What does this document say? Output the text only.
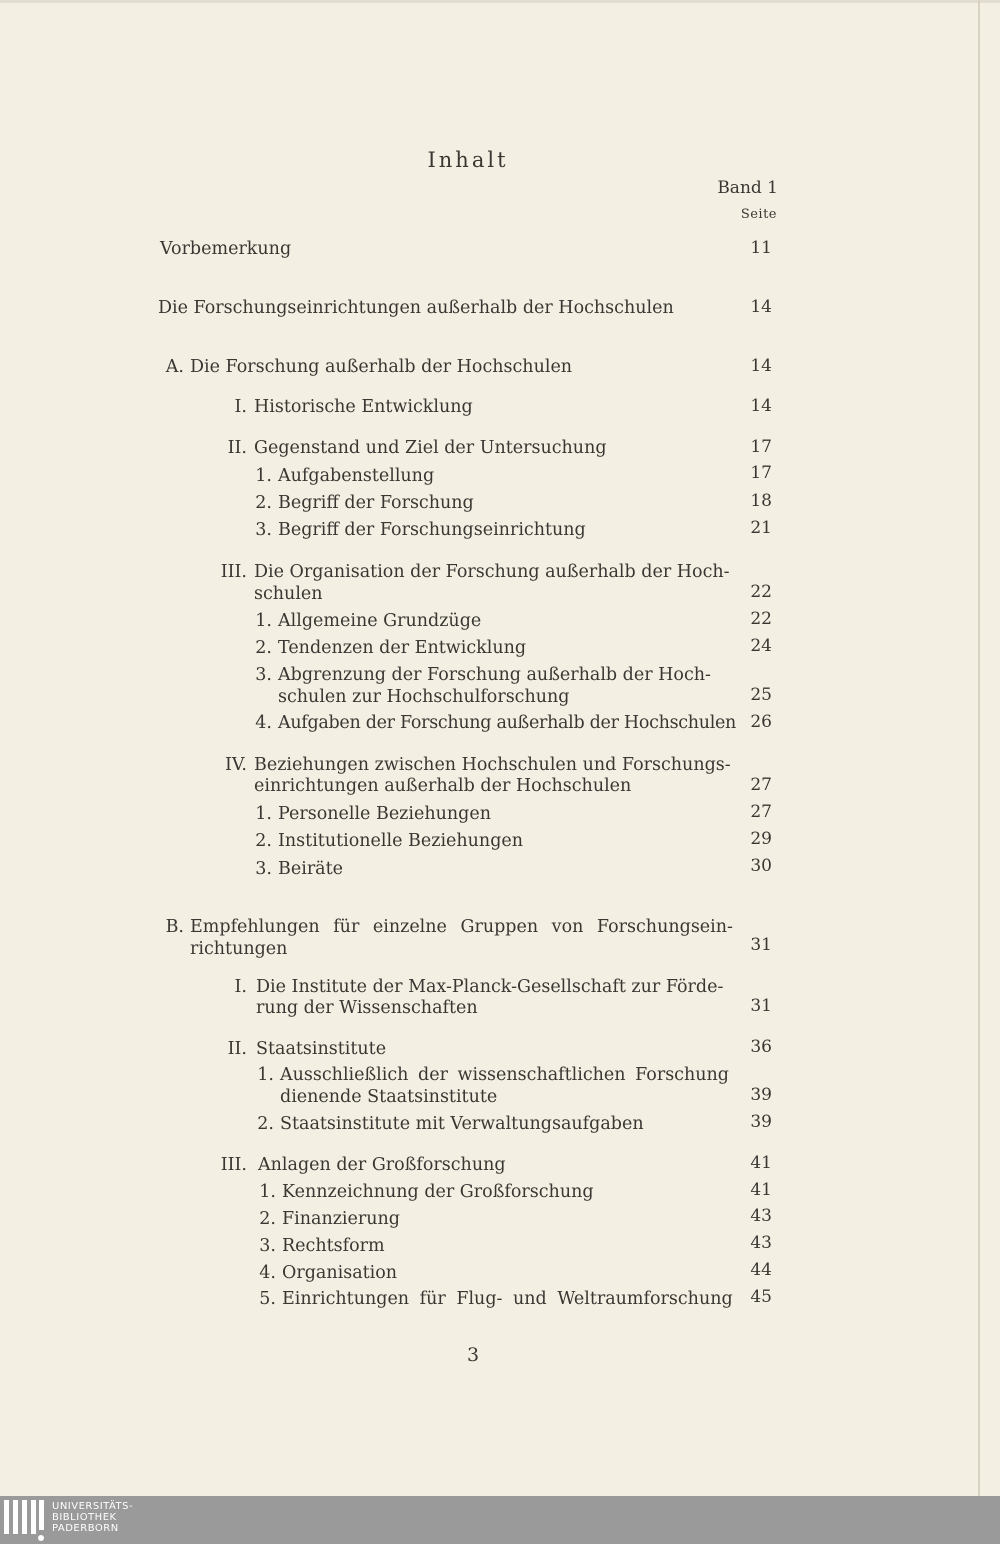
Inhalt
Band 1
Seite
Vorbemerkung	11
Die Forschungseinrichtungen außerhalb der Hochschulen	14
A. Die Forschung außerhalb der Hochschulen	14
I. Historische Entwicklung	14
II. Gegenstand und Ziel der Untersuchung	17
1. Aufgabenstellung	17
2. Begriff der Forschung	18
3. Begriff der Forschungseinrichtung	21
III. Die Organisation der Forschung außerhalb der Hoch-
schulen	22
1. Allgemeine Grundzüge	22
2. Tendenzen der Entwicklung	24
3. Abgrenzung der Forschung außerhalb der Hoch-
schulen zur Hochschulforschung	25
4. Aufgaben der Forschung außerhalb der Hochschulen 26
IV. Beziehungen zwischen Hochschulen und Forschungs-
einrichtungen außerhalb der Hochschulen	27
1. Personelle Beziehungen	27
2. Institutionelle Beziehungen	29
3. Beiräte	30
B. Empfehlungen für einzelne Gruppen von Forschungsein-
richtungen	31
I. Die Institute der Max-Planck-Gesellschaft zur Förde-
rung der Wissenschaften	31
II. Staatsinstitute	36
1. Ausschließlich der wissenschaftlichen Forschung
dienende Staatsinstitute	39
2. Staatsinstitute mit Verwaltungsaufgaben	39
III. Anlagen der Großforschung	41
1. Kennzeichnung der Großforschung	41
2. Finanzierung	43
3. Rechtsform	43
4. Organisation	44
5. Einrichtungen für Flug- und Weltraumforschung	45
3
UNIVERSITÄTS-
BIBLIOTHEK
PADERBORN
